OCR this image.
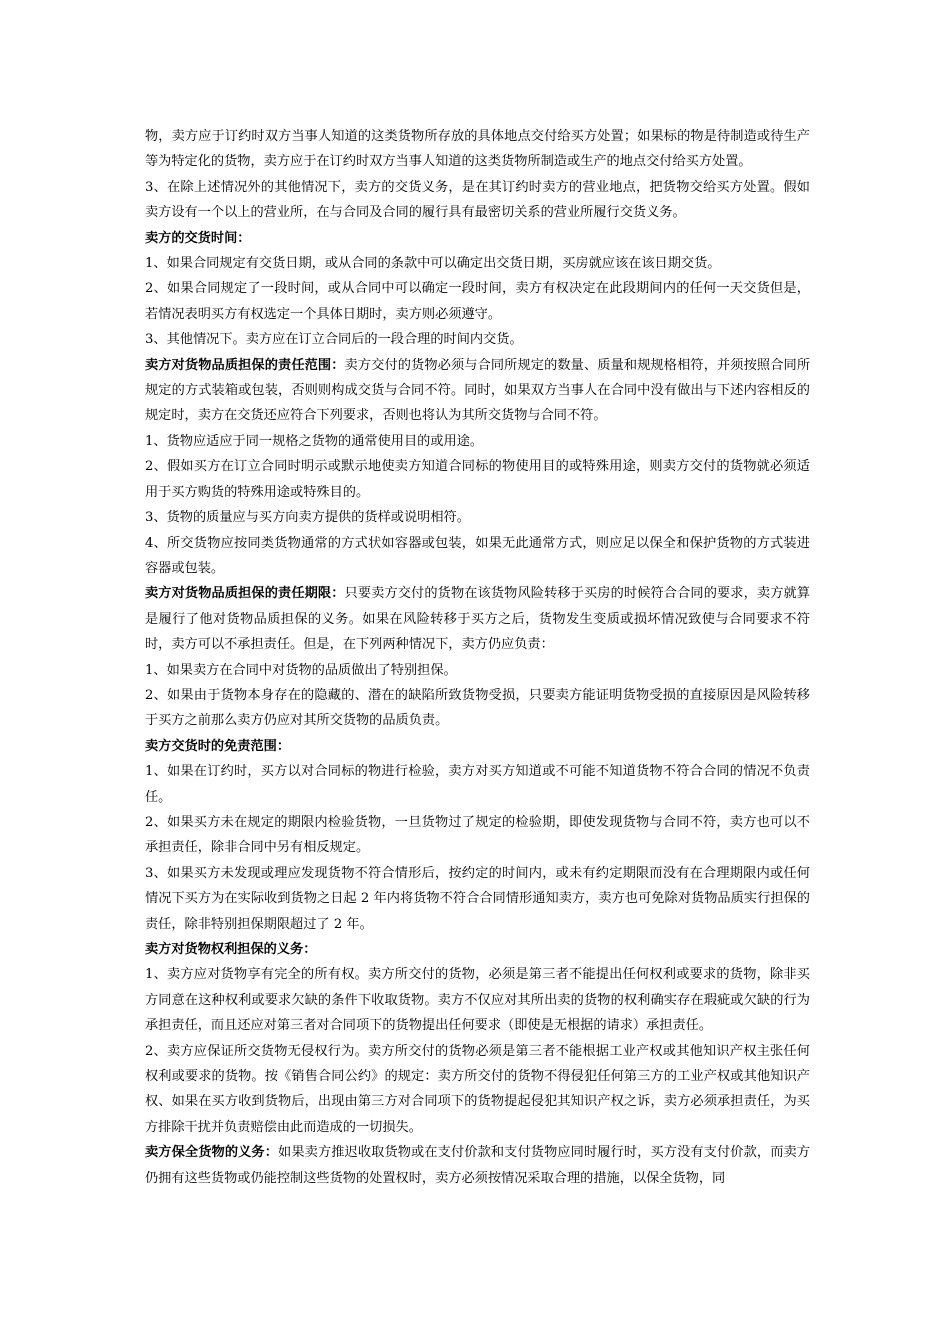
物，卖方应于订约时双方当事人知道的这类货物所存放的具体地点交付给买方处置；如果标的物是待制造或待生产等为特定化的货物，卖方应于在订约时双方当事人知道的这类货物所制造或生产的地点交付给买方处置。

3、在除上述情况外的其他情况下，卖方的交货义务，是在其订约时卖方的营业地点，把货物交给买方处置。假如卖方设有一个以上的营业所，在与合同及合同的履行具有最密切关系的营业所履行交货义务。

卖方的交货时间：

1、如果合同规定有交货日期，或从合同的条款中可以确定出交货日期，买房就应该在该日期交货。

2、如果合同规定了一段时间，或从合同中可以确定一段时间，卖方有权决定在此段期间内的任何一天交货但是，若情况表明买方有权选定一个具体日期时，卖方则必须遵守。

3、其他情况下。卖方应在订立合同后的一段合理的时间内交货。

卖方对货物品质担保的责任范围：卖方交付的货物必须与合同所规定的数量、质量和规规格相符，并须按照合同所规定的方式装箱或包装，否则则构成交货与合同不符。同时，如果双方当事人在合同中没有做出与下述内容相反的规定时，卖方在交货还应符合下列要求，否则也将认为其所交货物与合同不符。

1、货物应适应于同一规格之货物的通常使用目的或用途。

2、假如买方在订立合同时明示或默示地使卖方知道合同标的物使用目的或特殊用途，则卖方交付的货物就必须适用于买方购货的特殊用途或特殊目的。

3、货物的质量应与买方向卖方提供的货样或说明相符。

4、所交货物应按同类货物通常的方式状如容器或包装，如果无此通常方式，则应足以保全和保护货物的方式装进容器或包装。

卖方对货物品质担保的责任期限：只要卖方交付的货物在该货物风险转移于买房的时候符合合同的要求，卖方就算是履行了他对货物品质担保的义务。如果在风险转移于买方之后，货物发生变质或损坏情况致使与合同要求不符时，卖方可以不承担责任。但是，在下列两种情况下，卖方仍应负责：

1、如果卖方在合同中对货物的品质做出了特别担保。

2、如果由于货物本身存在的隐藏的、潜在的缺陷所致货物受损，只要卖方能证明货物受损的直接原因是风险转移于买方之前那么卖方仍应对其所交货物的品质负责。

卖方交货时的免责范围：

1、如果在订约时，买方以对合同标的物进行检验，卖方对买方知道或不可能不知道货物不符合合同的情况不负责任。

2、如果买方未在规定的期限内检验货物，一旦货物过了规定的检验期，即使发现货物与合同不符，卖方也可以不承担责任，除非合同中另有相反规定。

3、如果买方未发现或理应发现货物不符合情形后，按约定的时间内，或未有约定期限而没有在合理期限内或任何情况下买方为在实际收到货物之日起 2 年内将货物不符合合同情形通知卖方，卖方也可免除对货物品质实行担保的责任，除非特别担保期限超过了 2 年。

卖方对货物权利担保的义务：

1、卖方应对货物享有完全的所有权。卖方所交付的货物，必须是第三者不能提出任何权利或要求的货物，除非买方同意在这种权利或要求欠缺的条件下收取货物。卖方不仅应对其所出卖的货物的权利确实存在瑕疵或欠缺的行为承担责任，而且还应对第三者对合同项下的货物提出任何要求（即使是无根据的请求）承担责任。

2、卖方应保证所交货物无侵权行为。卖方所交付的货物必须是第三者不能根据工业产权或其他知识产权主张任何权利或要求的货物。按《销售合同公约》的规定：卖方所交付的货物不得侵犯任何第三方的工业产权或其他知识产权、如果在买方收到货物后，出现由第三方对合同项下的货物提起侵犯其知识产权之诉，卖方必须承担责任，为买方排除干扰并负责赔偿由此而造成的一切损失。

卖方保全货物的义务：如果卖方推迟收取货物或在支付价款和支付货物应同时履行时，买方没有支付价款，而卖方仍拥有这些货物或仍能控制这些货物的处置权时，卖方必须按情况采取合理的措施，以保全货物，同
